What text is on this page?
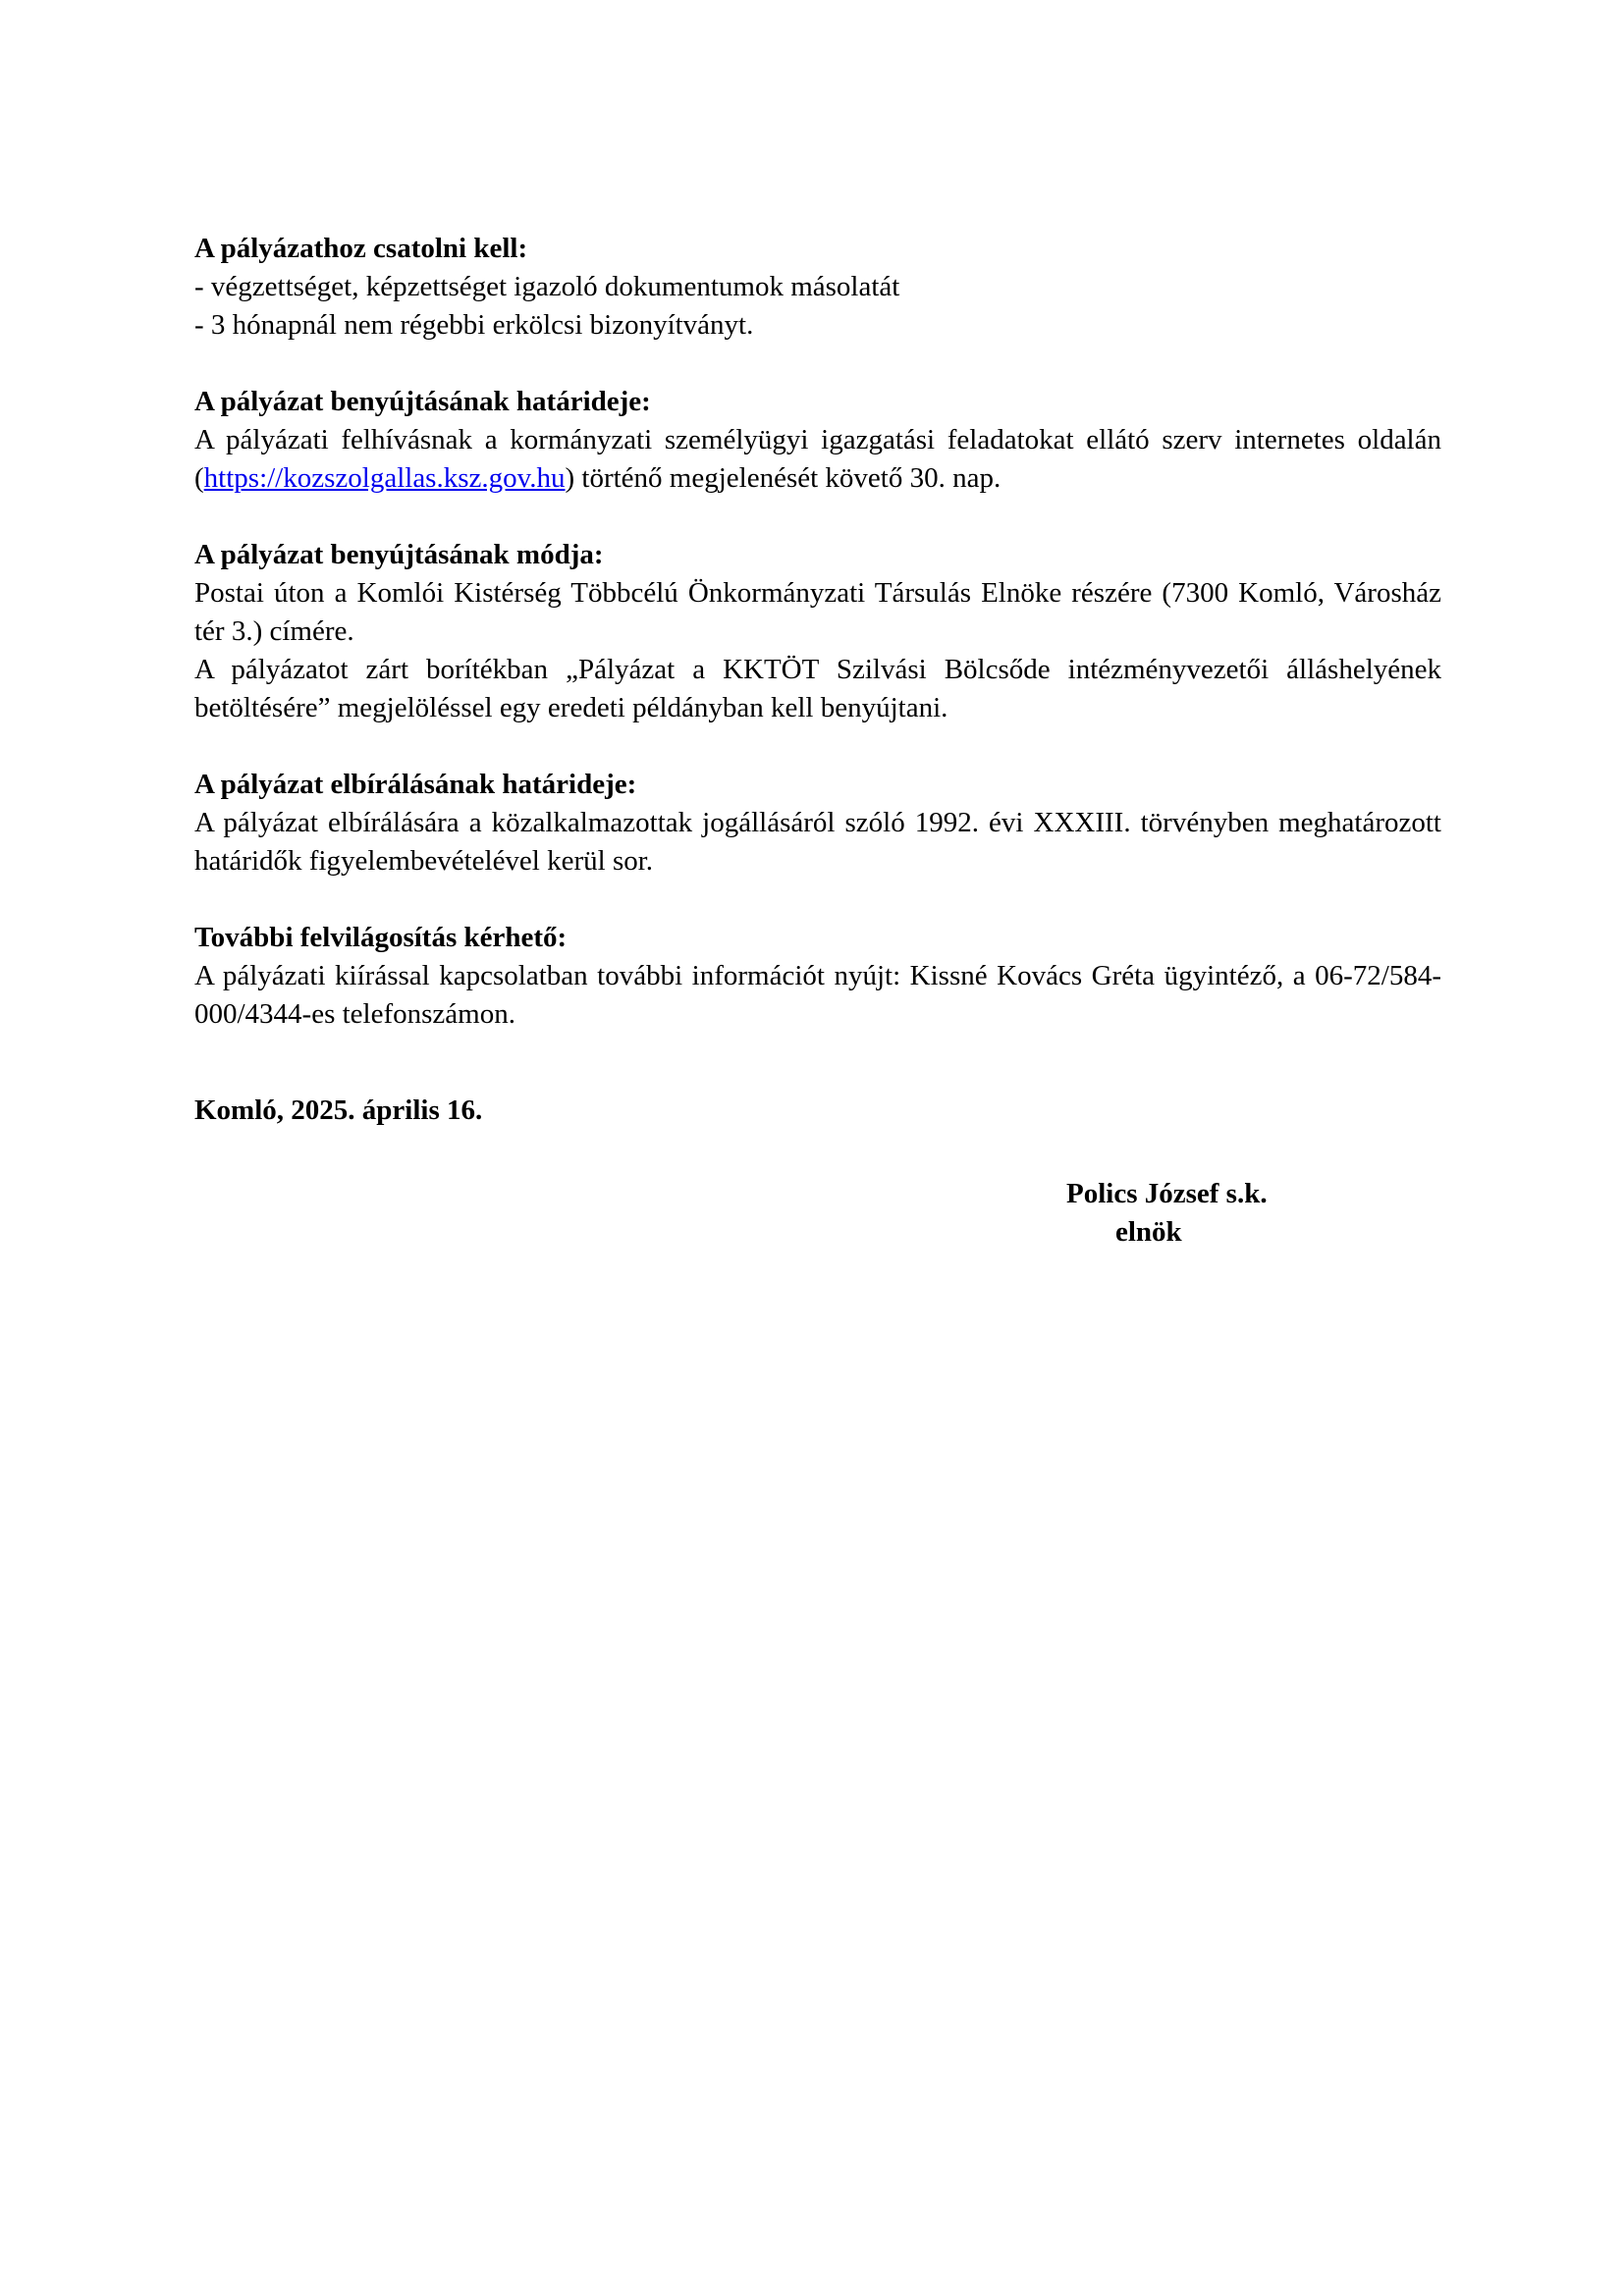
A pályázathoz csatolni kell:

- végzettséget, képzettséget igazoló dokumentumok másolatát

- 3 hónapnál nem régebbi erkölcsi bizonyítványt.

A pályázat benyújtásának határideje:

A pályázati felhívásnak a kormányzati személyügyi igazgatási feladatokat ellátó szerv internetes oldalán (https://kozszolgallas.ksz.gov.hu) történő megjelenését követő 30. nap.

A pályázat benyújtásának módja:

Postai úton a Komlói Kistérség Többcélú Önkormányzati Társulás Elnöke részére (7300 Komló, Városház tér 3.) címére.

A pályázatot zárt borítékban „Pályázat a KKTÖT Szilvási Bölcsőde intézményvezetői álláshelyének betöltésére” megjelöléssel egy eredeti példányban kell benyújtani.

A pályázat elbírálásának határideje:

A pályázat elbírálására a közalkalmazottak jogállásáról szóló 1992. évi XXXIII. törvényben meghatározott határidők figyelembevételével kerül sor.

További felvilágosítás kérhető:

A pályázati kiírással kapcsolatban további információt nyújt: Kissné Kovács Gréta ügyintéző, a 06-72/584-000/4344-es telefonszámon.

Komló, 2025. április 16.

Polics József s.k.
elnök
